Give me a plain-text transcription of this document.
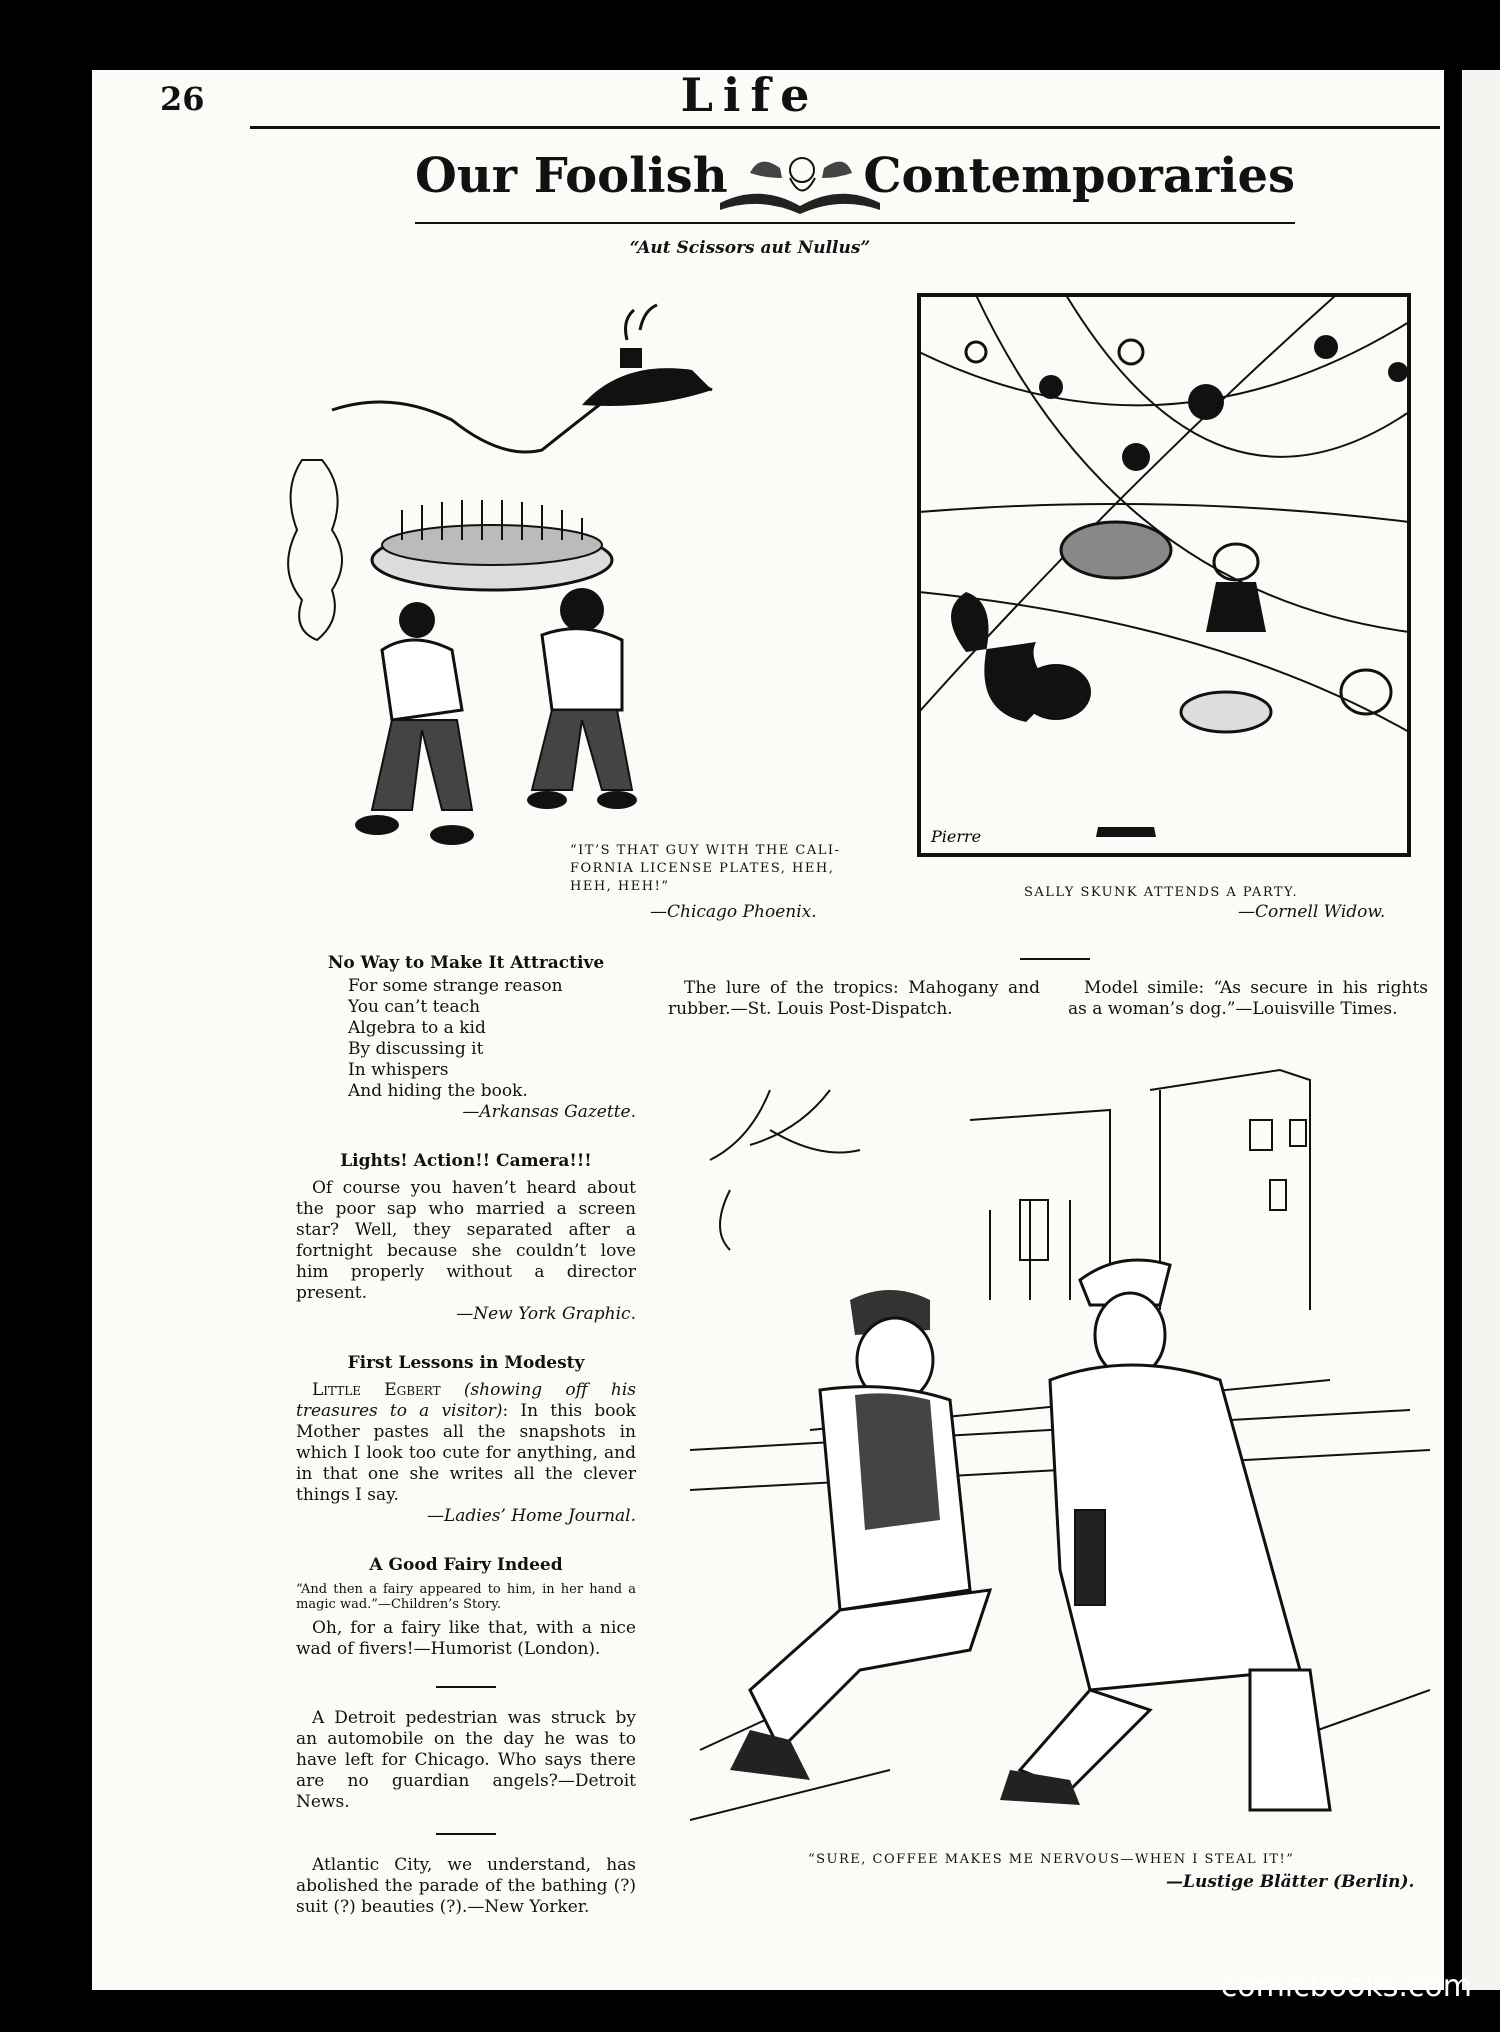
26	Life
Our Foolish	Contemporaries
“Aut Scissors aut Nullus”
“IT’S THAT GUY WITH THE CALI-
FORNIA LICENSE PLATES, HEH,
HEH, HEH!”
—Chicago Phoenix.
Pierre
SALLY SKUNK ATTENDS A PARTY.
—Cornell Widow.
No Way to Make It Attractive
For some strange reason
You can’t teach
Algebra to a kid
By discussing it
In whispers
And hiding the book.
—Arkansas Gazette.
Lights! Action!! Camera!!!

Of course you haven’t heard about the poor sap who married a screen star? Well, they separated after a fortnight because she couldn’t love him properly without a director present.

—New York Graphic.
First Lessons in Modesty

Little Egbert (showing off his treasures to a visitor): In this book Mother pastes all the snapshots in which I look too cute for anything, and in that one she writes all the clever things I say.

—Ladies’ Home Journal.
A Good Fairy Indeed

“And then a fairy appeared to him, in her hand a magic wad.”—Children’s Story.

Oh, for a fairy like that, with a nice wad of fivers!—Humorist (London).

A Detroit pedestrian was struck by an automobile on the day he was to have left for Chicago. Who says there are no guardian angels?—Detroit News.

Atlantic City, we understand, has abolished the parade of the bathing (?) suit (?) beauties (?).—New Yorker.

The lure of the tropics: Mahogany and rubber.—St. Louis Post-Dispatch.

Model simile: “As secure in his rights as a woman’s dog.”—Louisville Times.

“SURE, COFFEE MAKES ME NERVOUS—WHEN I STEAL IT!”
—Lustige Blätter (Berlin).
comicbooks.com
